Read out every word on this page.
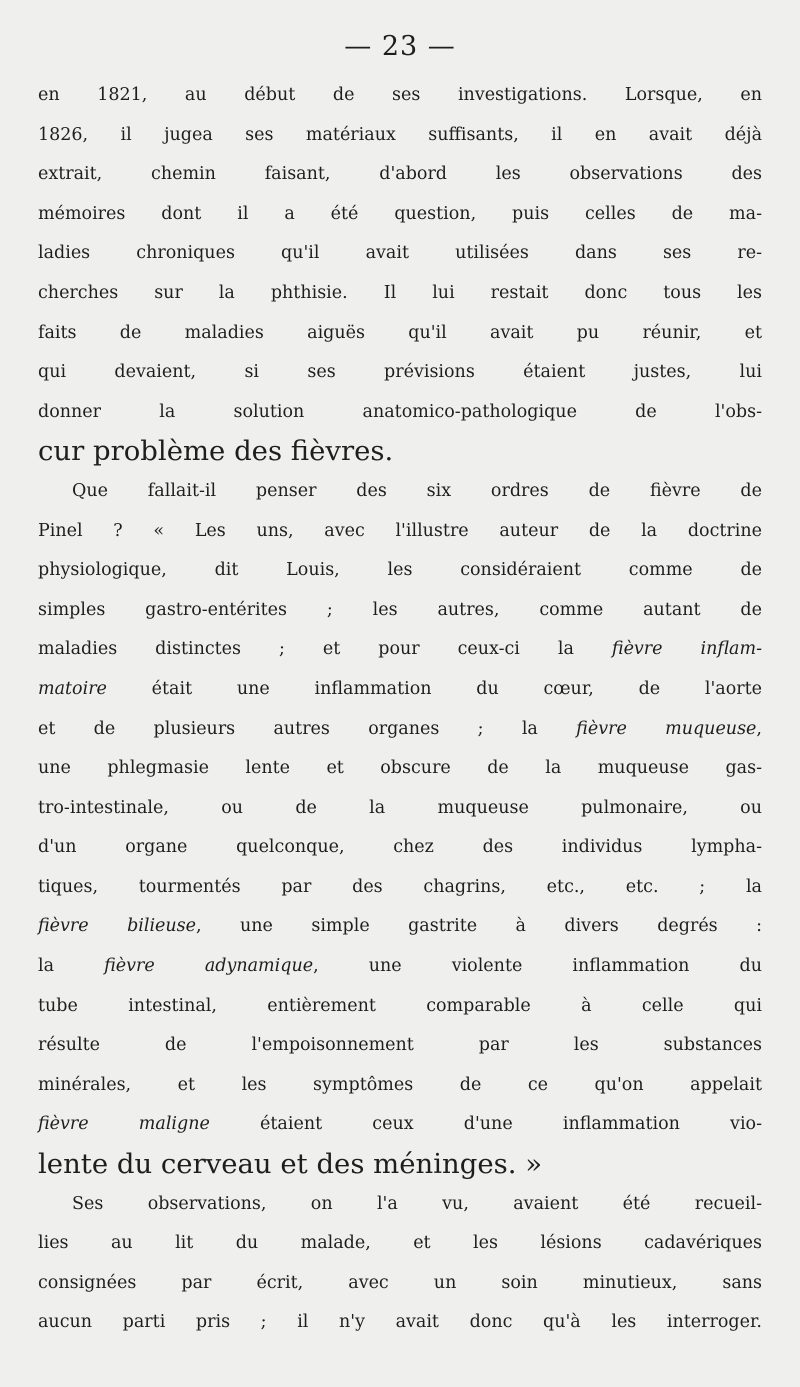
— 23 —
en 1821, au début de ses investigations. Lorsque, en
1826, il jugea ses matériaux suffisants, il en avait déjà
extrait, chemin faisant, d'abord les observations des
mémoires dont il a été question, puis celles de ma-
ladies chroniques qu'il avait utilisées dans ses re-
cherches sur la phthisie. Il lui restait donc tous les
faits de maladies aiguës qu'il avait pu réunir, et
qui devaient, si ses prévisions étaient justes, lui
donner la solution anatomico-pathologique de l'obs-
cur problème des fièvres.
Que fallait-il penser des six ordres de fièvre de
Pinel ? « Les uns, avec l'illustre auteur de la doctrine
physiologique, dit Louis, les considéraient comme de
simples gastro-entérites ; les autres, comme autant de
maladies distinctes ; et pour ceux-ci la fièvre inflam-
matoire était une inflammation du cœur, de l'aorte
et de plusieurs autres organes ; la fièvre muqueuse,
une phlegmasie lente et obscure de la muqueuse gas-
tro-intestinale, ou de la muqueuse pulmonaire, ou
d'un organe quelconque, chez des individus lympha-
tiques, tourmentés par des chagrins, etc., etc. ; la
fièvre bilieuse, une simple gastrite à divers degrés :
la fièvre adynamique, une violente inflammation du
tube intestinal, entièrement comparable à celle qui
résulte de l'empoisonnement par les substances
minérales, et les symptômes de ce qu'on appelait
fièvre maligne étaient ceux d'une inflammation vio-
lente du cerveau et des méninges. »
Ses observations, on l'a vu, avaient été recueil-
lies au lit du malade, et les lésions cadavériques
consignées par écrit, avec un soin minutieux, sans
aucun parti pris ; il n'y avait donc qu'à les interroger.
